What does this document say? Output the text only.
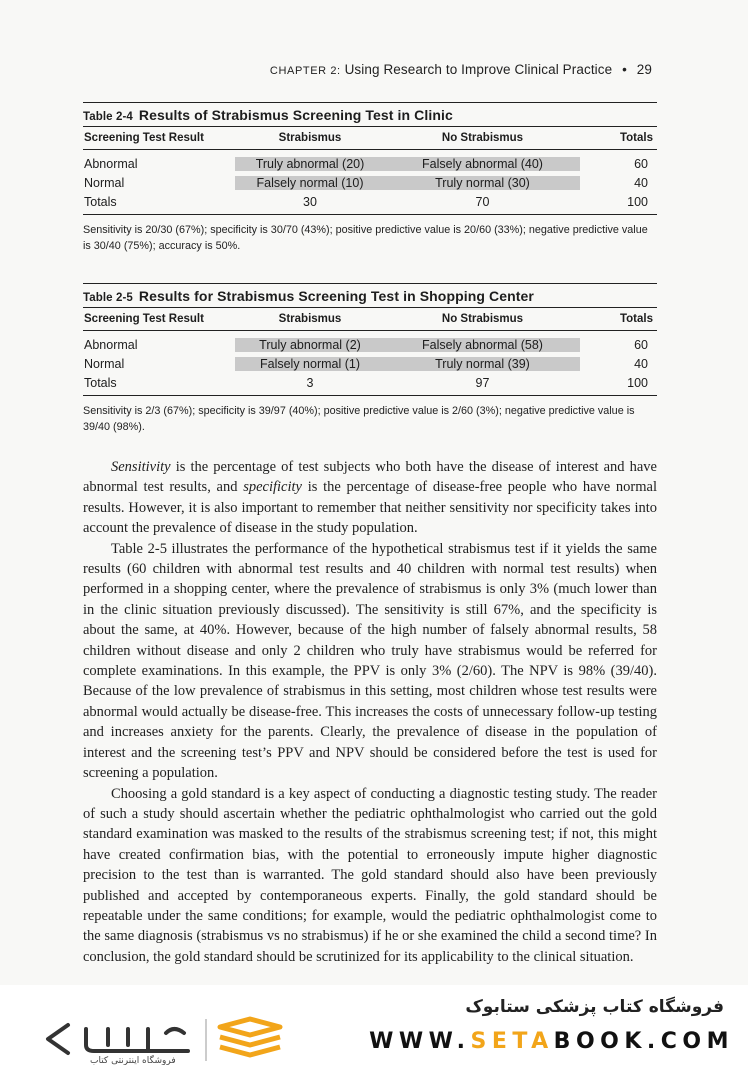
CHAPTER 2: Using Research to Improve Clinical Practice • 29
Table 2-4 Results of Strabismus Screening Test in Clinic
Screening Test Result	Strabismus	No Strabismus	Totals
Abnormal	Truly abnormal (20)	Falsely abnormal (40)	60
Normal	Falsely normal (10)	Truly normal (30)	40
Totals	30	70	100
Sensitivity is 20/30 (67%); specificity is 30/70 (43%); positive predictive value is 20/60 (33%); negative predictive value is 30/40 (75%); accuracy is 50%.
Table 2-5 Results for Strabismus Screening Test in Shopping Center
Screening Test Result	Strabismus	No Strabismus	Totals
Abnormal	Truly abnormal (2)	Falsely abnormal (58)	60
Normal	Falsely normal (1)	Truly normal (39)	40
Totals	3	97	100
Sensitivity is 2/3 (67%); specificity is 39/97 (40%); positive predictive value is 2/60 (3%); negative predictive value is 39/40 (98%).

Sensitivity is the percentage of test subjects who both have the disease of interest and have abnormal test results, and specificity is the percentage of disease-free people who have normal results. However, it is also important to remember that neither sensitivity nor specificity takes into account the prevalence of disease in the study population.

Table 2-5 illustrates the performance of the hypothetical strabismus test if it yields the same results (60 children with abnormal test results and 40 children with normal test results) when performed in a shopping center, where the prevalence of strabismus is only 3% (much lower than in the clinic situation previously discussed). The sensitivity is still 67%, and the specificity is about the same, at 40%. However, because of the high number of falsely abnormal results, 58 children without disease and only 2 children who truly have strabismus would be referred for complete examinations. In this example, the PPV is only 3% (2/60). The NPV is 98% (39/40). Because of the low prevalence of strabismus in this setting, most children whose test results were abnormal would actually be disease-free. This increases the costs of unnecessary follow-up testing and increases anxiety for the parents. Clearly, the prevalence of disease in the population of interest and the screening test’s PPV and NPV should be considered before the test is used for screening a population.

Choosing a gold standard is a key aspect of conducting a diagnostic testing study. The reader of such a study should ascertain whether the pediatric ophthalmologist who carried out the gold standard examination was masked to the results of the strabismus screening test; if not, this might have created confirmation bias, with the potential to erroneously impute higher diagnostic precision to the test than is warranted. The gold standard should also have been previously published and accepted by contemporaneous experts. Finally, the gold standard should be repeatable under the same conditions; for example, would the pediatric ophthalmologist come to the same diagnosis (strabismus vs no strabismus) if he or she examined the child a second time? In conclusion, the gold standard should be scrutinized for its applicability to the clinical situation.

فروشگاه اینترنتی کتاب
فروشگاه کتاب پزشکی ستابوک
WWW.SETABOOK.COM
